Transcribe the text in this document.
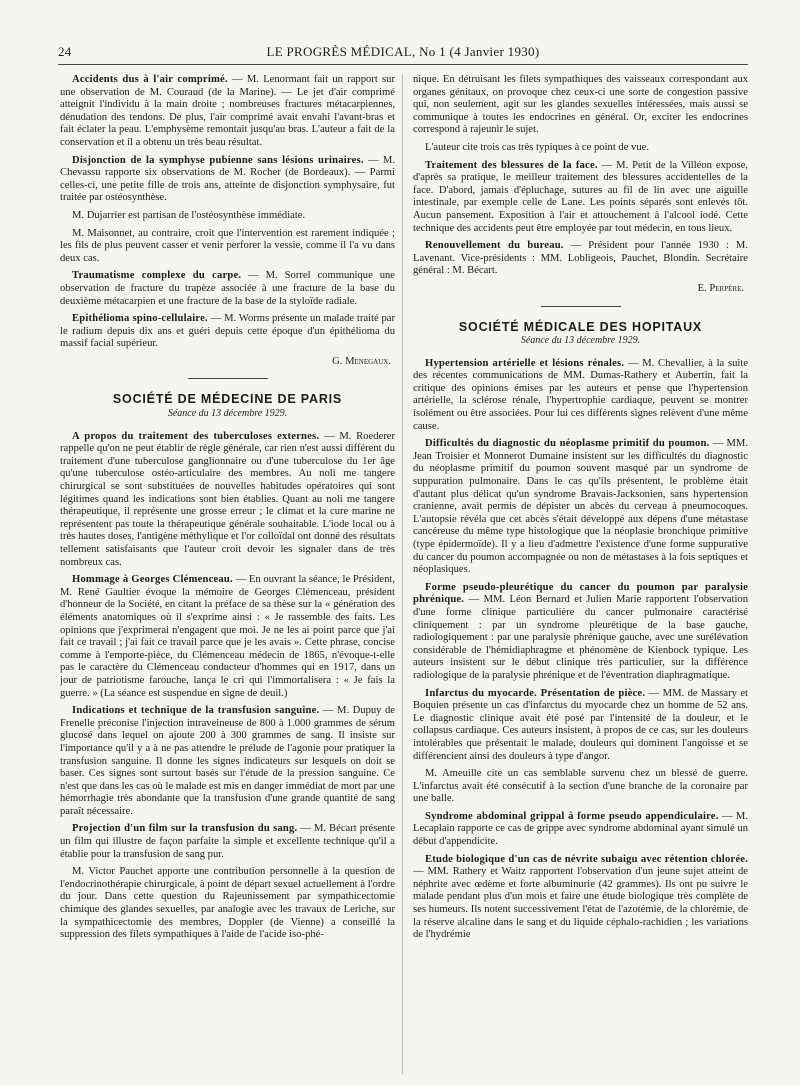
24	LE PROGRÈS MÉDICAL, No 1 (4 Janvier 1930)

Accidents dus à l'air comprimé. — M. Lenormant fait un rapport sur une observation de M. Couraud (de la Marine). — Le jet d'air comprimé atteignit l'individu à la main droite ; nombreuses fractures métacarpiennes, dénudation des tendons. De plus, l'air comprimé avait envahi l'avant-bras et fait éclater la peau. L'emphysème remontait jusqu'au bras. L'auteur a fait de la conservation et il a obtenu un très beau résultat.

Disjonction de la symphyse pubienne sans lésions urinaires. — M. Chevassu rapporte six observations de M. Rocher (de Bordeaux). — Parmi celles-ci, une petite fille de trois ans, atteinte de disjonction symphysaire, fut traitée par ostéosynthèse.

M. Dujarrier est partisan de l'ostéosynthèse immédiate.

M. Maisonnet, au contraire, croit que l'intervention est rarement indiquée ; les fils de plus peuvent casser et venir perforer la vessie, comme il l'a vu dans deux cas.

Traumatisme complexe du carpe. — M. Sorrel communique une observation de fracture du trapèze associée à une fracture de la base du deuxième métacarpien et une fracture de la base de la styloïde radiale.

Epithélioma spino-cellulaire. — M. Worms présente un malade traité par le radium depuis dix ans et guéri depuis cette époque d'un épithélioma du massif facial supérieur.

G. Menegaux.
SOCIÉTÉ DE MÉDECINE DE PARIS
Séance du 13 décembre 1929.

A propos du traitement des tuberculoses externes. — M. Roederer rappelle qu'on ne peut établir de règle générale, car rien n'est aussi différent du traitement d'une tuberculose ganglionnaire ou d'une tuberculose du 1er âge qu'une tuberculose ostéo-articulaire des membres. Au noli me tangere chirurgical se sont substituées de nouvelles habitudes opératoires qui sont légitimes quand les indications sont bien établies. Quant au noli me tangere thérapeutique, il représente une grosse erreur ; le climat et la cure marine ne représentent pas toute la thérapeutique générale souhaitable. L'iode local ou à très hautes doses, l'antigène méthylique et l'or colloïdal ont donné des résultats tellement satisfaisants que l'auteur croit devoir les signaler dans de très nombreux cas.

Hommage à Georges Clémenceau. — En ouvrant la séance, le Président, M. René Gaultier évoque la mémoire de Georges Clémenceau, président d'honneur de la Société, en citant la préface de sa thèse sur la « génération des éléments anatomiques où il s'exprime ainsi : « Je rassemble des faits. Les opinions que j'exprimerai n'engagent que moi. Je ne les ai point parce que j'ai fait ce travail ; j'ai fait ce travail parce que je les avais ». Cette phrase, concise comme à l'emporte-pièce, du Clémenceau médecin de 1865, n'évoque-t-elle pas le caractère du Clémenceau conducteur d'hommes qui en 1917, dans un jour de patriotisme farouche, lança le cri qui l'immortalisera : « Je fais la guerre. » (La séance est suspendue en signe de deuil.)

Indications et technique de la transfusion sanguine. — M. Dupuy de Frenelle préconise l'injection intraveineuse de 800 à 1.000 grammes de sérum glucosé dans lequel on ajoute 200 à 300 grammes de sang. Il insiste sur l'importance qu'il y a à ne pas attendre le prélude de l'agonie pour pratiquer la transfusion sanguine. Il donne les signes indicateurs sur lesquels on doit se baser. Ces signes sont surtout basés sur l'étude de la pression sanguine. Ce n'est que dans les cas où le malade est mis en danger immédiat de mort par une hémorrhagie très abondante que la transfusion d'une grande quantité de sang paraît nécessaire.

Projection d'un film sur la transfusion du sang. — M. Bécart présente un film qui illustre de façon parfaite la simple et excellente technique qu'il a établie pour la transfusion de sang pur.

M. Victor Pauchet apporte une contribution personnelle à la question de l'endocrinothérapie chirurgicale, à point de départ sexuel actuellement à l'ordre du jour. Dans cette question du Rajeunissement par sympathicectomie chimique des glandes sexuelles, par analogie avec les travaux de Leriche, sur la sympathicectomie des membres, Doppler (de Vienne) a conseillé la suppression des filets sympathiques à l'aide de l'acide iso-phé-

nique. En détruisant les filets sympathiques des vaisseaux correspondant aux organes génitaux, on provoque chez ceux-ci une sorte de congestion passive qui, non seulement, agit sur les glandes sexuelles intéressées, mais aussi se communique à toutes les endocrines en général. Or, exciter les endocrines correspond à rajeunir le sujet.

L'auteur cite trois cas très typiques à ce point de vue.

Traitement des blessures de la face. — M. Petit de la Villéon expose, d'après sa pratique, le meilleur traitement des blessures accidentelles de la face. D'abord, jamais d'épluchage, sutures au fil de lin avec une aiguille intestinale, par exemple celle de Lane. Les points séparés sont enlevés tôt. Aucun pansement. Exposition à l'air et attouchement à l'alcool iodé. Cette technique des accidents peut être employée par tout médecin, en tous lieux.

Renouvellement du bureau. — Président pour l'année 1930 : M. Lavenant. Vice-présidents : MM. Lobligeois, Pauchet, Blondin. Secrétaire général : M. Bécart.

E. Perpère.
SOCIÉTÉ MÉDICALE DES HOPITAUX
Séance du 13 décembre 1929.

Hypertension artérielle et lésions rénales. — M. Chevallier, à la suite des récentes communications de MM. Dumas-Rathery et Aubertin, fait la critique des opinions émises par les auteurs et pense que l'hypertension artérielle, la sclérose rénale, l'hypertrophie cardiaque, peuvent se montrer isolément ou être associées. Pour lui ces différents signes relèvent d'une même cause.

Difficultés du diagnostic du néoplasme primitif du poumon. — MM. Jean Troisier et Monnerot Dumaine insistent sur les difficultés du diagnostic du néoplasme primitif du poumon souvent masqué par un syndrome de suppuration pulmonaire. Dans le cas qu'ils présentent, le problème était d'autant plus délicat qu'un syndrome Bravais-Jacksonien, sans hypertension cranienne, avait permis de dépister un abcès du cerveau à pneumocoques. L'autopsie révéla que cet abcès s'était développé aux dépens d'une métastase cancéreuse du même type histologique que la néoplasie bronchique primitive (type épidermoïde). Il y a lieu d'admettre l'existence d'une forme suppurative du cancer du poumon accompagnée ou non de métastases à la fois septiques et néoplasiques.

Forme pseudo-pleurétique du cancer du poumon par paralysie phrénique. — MM. Léon Bernard et Julien Marie rapportent l'observation d'une forme clinique particulière du cancer pulmonaire caractérisé cliniquement : par un syndrome pleurétique de la base gauche, radiologiquement : par une paralysie phrénique gauche, avec une surélévation considérable de l'hémidiaphragme et phénomène de Kienbock typique. Les auteurs insistent sur le début clinique très particulier, sur la différence radiologique de la paralysie phrénique et de l'éventration diaphragmatique.

Infarctus du myocarde. Présentation de pièce. — MM. de Massary et Boquien présente un cas d'infarctus du myocarde chez un homme de 52 ans. Le diagnostic clinique avait été posé par l'intensité de la douleur, et le collapsus cardiaque. Ces auteurs insistent, à propos de ce cas, sur les douleurs intolérables que présentait le malade, douleurs qui dominent l'angoisse et se différencient ainsi des douleurs à type d'angor.

M. Ameuille cite un cas semblable survenu chez un blessé de guerre. L'infarctus avait été consécutif à la section d'une branche de la coronaire par une balle.

Syndrome abdominal grippal à forme pseudo appendiculaire. — M. Lecaplain rapporte ce cas de grippe avec syndrome abdominal ayant simulé un début d'appendicite.

Etude biologique d'un cas de névrite subaigu avec rétention chlorée. — MM. Rathery et Waitz rapportent l'observation d'un jeune sujet atteint de néphrite avec œdème et forte albuminurie (42 grammes). Ils ont pu suivre le malade pendant plus d'un mois et faire une étude biologique très complète de ses humeurs. Ils notent successivement l'état de l'azotémie, de la chlorémie, de la réserve alcaline dans le sang et du liquide céphalo-rachidien ; les variations de l'hydrémie
